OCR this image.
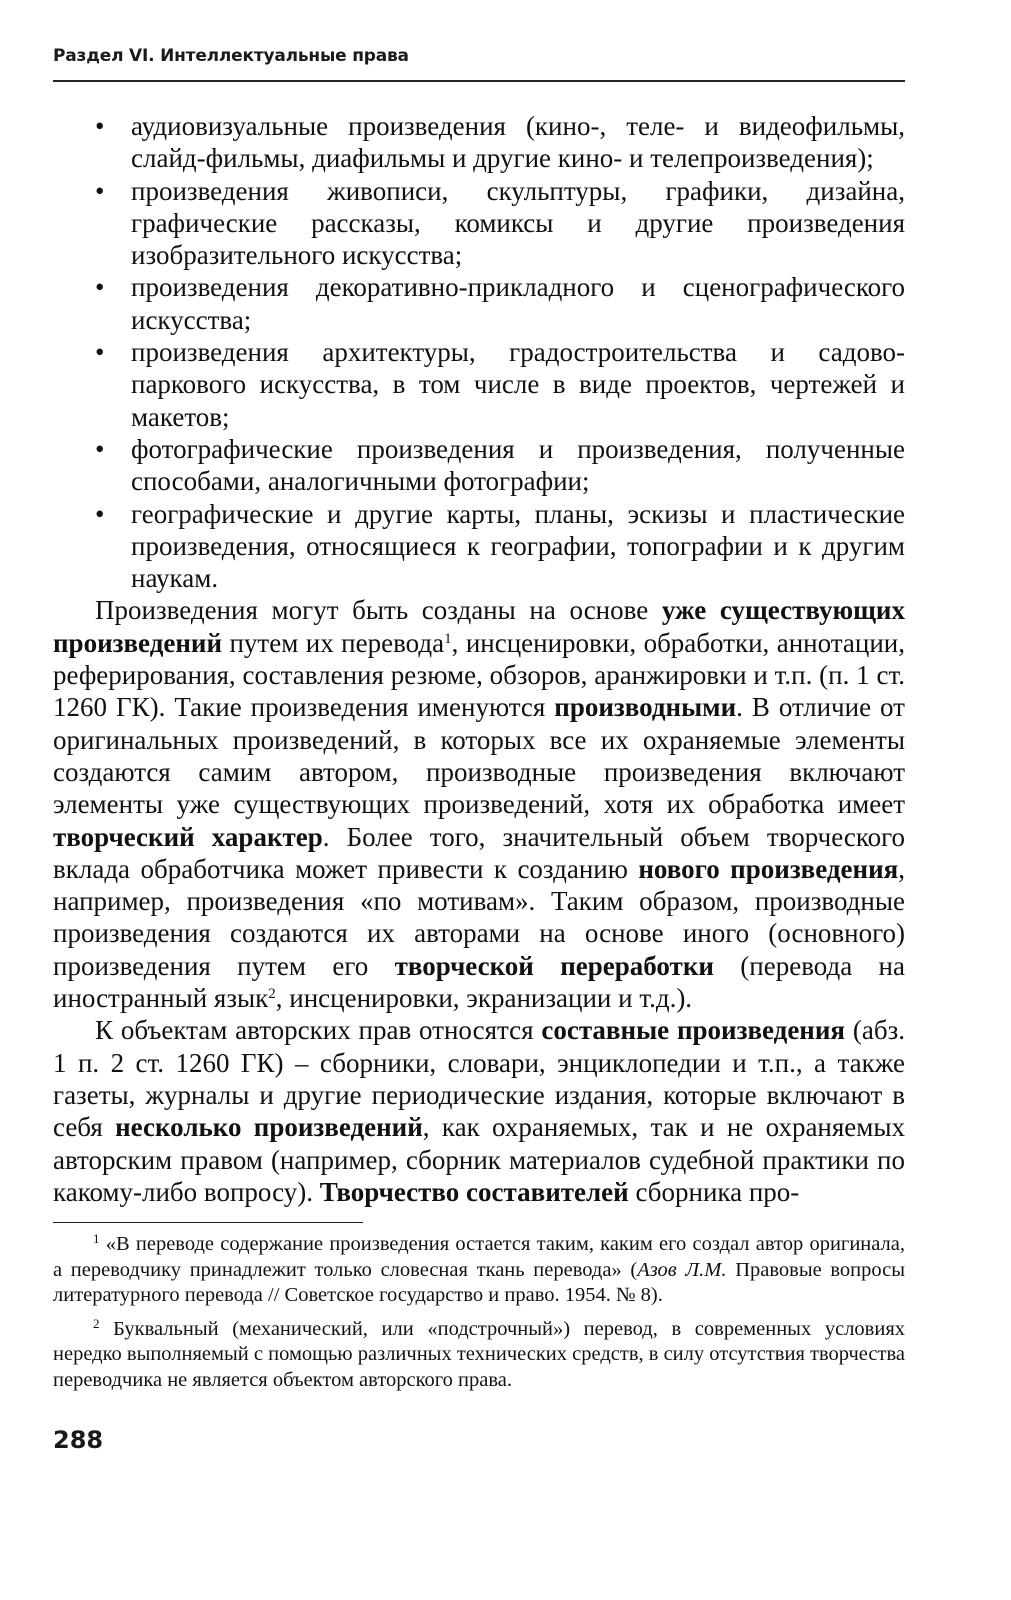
Раздел VI. Интеллектуальные права
• аудиовизуальные произведения (кино-, теле- и видеофильмы, слайд-фильмы, диафильмы и другие кино- и телепроизведения);
• произведения живописи, скульптуры, графики, дизайна, графические рассказы, комиксы и другие произведения изобразительного искусства;
• произведения декоративно-прикладного и сценографического искусства;
• произведения архитектуры, градостроительства и садово-паркового искусства, в том числе в виде проектов, чертежей и макетов;
• фотографические произведения и произведения, полученные способами, аналогичными фотографии;
• географические и другие карты, планы, эскизы и пластические произведения, относящиеся к географии, топографии и к другим наукам.

Произведения могут быть созданы на основе уже существующих произведений путем их перевода$^1$, инсценировки, обработки, аннотации, реферирования, составления резюме, обзоров, аранжировки и т.п. (п. 1 ст. 1260 ГК). Такие произведения именуются производными. В отличие от оригинальных произведений, в которых все их охраняемые элементы создаются самим автором, производные произведения включают элементы уже существующих произведений, хотя их обработка имеет творческий характер. Более того, значительный объем творческого вклада обработчика может привести к созданию нового произведения, например, произведения «по мотивам». Таким образом, производные произведения создаются их авторами на основе иного (основного) произведения путем его творческой переработки (перевода на иностранный язык$^2$, инсценировки, экранизации и т.д.).

К объектам авторских прав относятся составные произведения (абз. 1 п. 2 ст. 1260 ГК) – сборники, словари, энциклопедии и т.п., а также газеты, журналы и другие периодические издания, которые включают в себя несколько произведений, как охраняемых, так и не охраняемых авторским правом (например, сборник материалов судебной практики по какому-либо вопросу). Творчество составителей сборника про-

$^1$ «В переводе содержание произведения остается таким, каким его создал автор оригинала, а переводчику принадлежит только словесная ткань перевода» (Азов Л.М. Правовые вопросы литературного перевода // Советское государство и право. 1954. № 8).

$^2$ Буквальный (механический, или «подстрочный») перевод, в современных условиях нередко выполняемый с помощью различных технических средств, в силу отсутствия творчества переводчика не является объектом авторского права.

288
